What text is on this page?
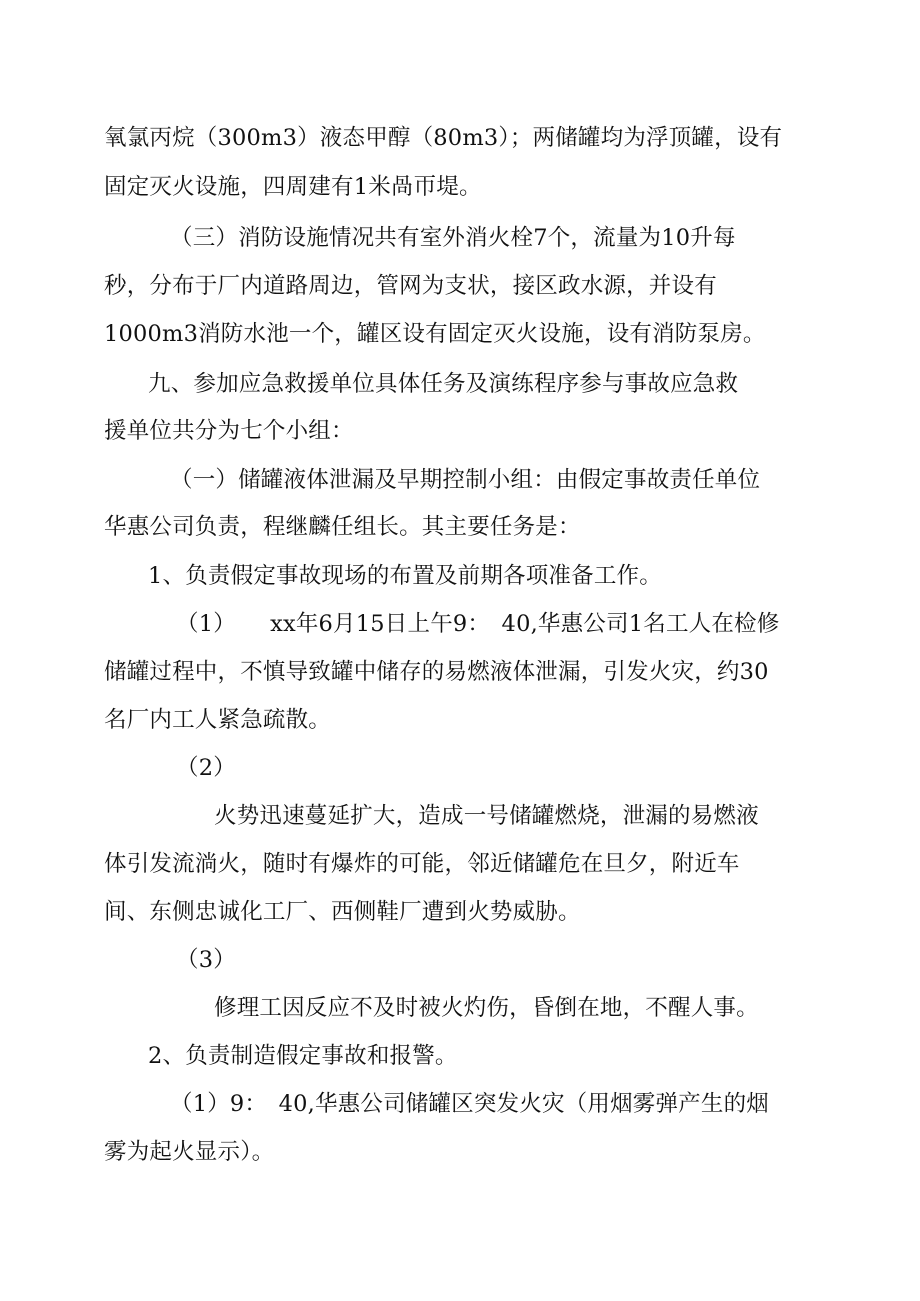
氧氯丙烷（300m3）液态甲醇（80m3）；两储罐均为浮顶罐，设有
固定灭火设施，四周建有1米咼帀堤。
（三）消防设施情况共有室外消火栓7个，流量为10升每
秒，分布于厂内道路周边，管网为支状，接区政水源，并设有
1000m3消防水池一个，罐区设有固定灭火设施，设有消防泵房。
九、参加应急救援单位具体任务及演练程序参与事故应急救
援单位共分为七个小组：
（一）储罐液体泄漏及早期控制小组：由假定事故责任单位
华惠公司负责，程继麟任组长。其主要任务是：
1、负责假定事故现场的布置及前期各项准备工作。
（1）　　xx年6月15日上午9：　40,华惠公司1名工人在检修
储罐过程中，不慎导致罐中储存的易燃液体泄漏，引发火灾，约30
名厂内工人紧急疏散。
（2）
火势迅速蔓延扩大，造成一号储罐燃烧，泄漏的易燃液
体引发流淌火，随时有爆炸的可能，邻近储罐危在旦夕，附近车
间、东侧忠诚化工厂、西侧鞋厂遭到火势威胁。
（3）
修理工因反应不及时被火灼伤，昏倒在地，不醒人事。
2、负责制造假定事故和报警。
（1）9：　40,华惠公司储罐区突发火灾（用烟雾弹产生的烟
雾为起火显示）。
